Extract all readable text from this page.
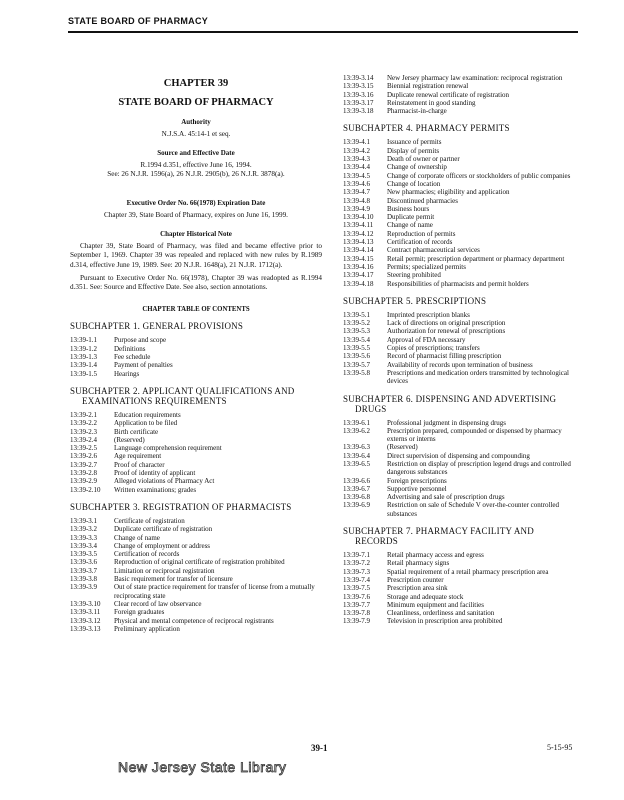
STATE BOARD OF PHARMACY
CHAPTER 39
STATE BOARD OF PHARMACY
Authority
N.J.S.A. 45:14-1 et seq.
Source and Effective Date
R.1994 d.351, effective June 16, 1994.
See: 26 N.J.R. 1596(a), 26 N.J.R. 2905(b), 26 N.J.R. 3878(a).
Executive Order No. 66(1978) Expiration Date
Chapter 39, State Board of Pharmacy, expires on June 16, 1999.
Chapter Historical Note

Chapter 39, State Board of Pharmacy, was filed and became effective prior to September 1, 1969. Chapter 39 was repealed and replaced with new rules by R.1989 d.314, effective June 19, 1989. See: 20 N.J.R. 1648(a), 21 N.J.R. 1712(a).

Pursuant to Executive Order No. 66(1978), Chapter 39 was readopted as R.1994 d.351. See: Source and Effective Date. See also, section annotations.

CHAPTER TABLE OF CONTENTS
SUBCHAPTER 1. GENERAL PROVISIONS
13:39-1.1	Purpose and scope
13:39-1.2	Definitions
13:39-1.3	Fee schedule
13:39-1.4	Payment of penalties
13:39-1.5	Hearings
SUBCHAPTER 2. APPLICANT QUALIFICATIONS AND
EXAMINATIONS REQUIREMENTS
13:39-2.1	Education requirements
13:39-2.2	Application to be filed
13:39-2.3	Birth certificate
13:39-2.4	(Reserved)
13:39-2.5	Language comprehension requirement
13:39-2.6	Age requirement
13:39-2.7	Proof of character
13:39-2.8	Proof of identity of applicant
13:39-2.9	Alleged violations of Pharmacy Act
13:39-2.10	Written examinations; grades
SUBCHAPTER 3. REGISTRATION OF PHARMACISTS
13:39-3.1	Certificate of registration
13:39-3.2	Duplicate certificate of registration
13:39-3.3	Change of name
13:39-3.4	Change of employment or address
13:39-3.5	Certification of records
13:39-3.6	Reproduction of original certificate of registration prohibited
13:39-3.7	Limitation or reciprocal registration
13:39-3.8	Basic requirement for transfer of licensure
13:39-3.9	Out of state practice requirement for transfer of license from a mutually reciprocating state
13:39-3.10	Clear record of law observance
13:39-3.11	Foreign graduates
13:39-3.12	Physical and mental competence of reciprocal registrants
13:39-3.13	Preliminary application
13:39-3.14	New Jersey pharmacy law examination: reciprocal registration
13:39-3.15	Biennial registration renewal
13:39-3.16	Duplicate renewal certificate of registration
13:39-3.17	Reinstatement in good standing
13:39-3.18	Pharmacist-in-charge
SUBCHAPTER 4. PHARMACY PERMITS
13:39-4.1	Issuance of permits
13:39-4.2	Display of permits
13:39-4.3	Death of owner or partner
13:39-4.4	Change of ownership
13:39-4.5	Change of corporate officers or stockholders of public companies
13:39-4.6	Change of location
13:39-4.7	New pharmacies; eligibility and application
13:39-4.8	Discontinued pharmacies
13:39-4.9	Business hours
13:39-4.10	Duplicate permit
13:39-4.11	Change of name
13:39-4.12	Reproduction of permits
13:39-4.13	Certification of records
13:39-4.14	Contract pharmaceutical services
13:39-4.15	Retail permit; prescription department or pharmacy department
13:39-4.16	Permits; specialized permits
13:39-4.17	Steering prohibited
13:39-4.18	Responsibilities of pharmacists and permit holders
SUBCHAPTER 5. PRESCRIPTIONS
13:39-5.1	Imprinted prescription blanks
13:39-5.2	Lack of directions on original prescription
13:39-5.3	Authorization for renewal of prescriptions
13:39-5.4	Approval of FDA necessary
13:39-5.5	Copies of prescriptions; transfers
13:39-5.6	Record of pharmacist filling prescription
13:39-5.7	Availability of records upon termination of business
13:39-5.8	Prescriptions and medication orders transmitted by technological devices
SUBCHAPTER 6. DISPENSING AND ADVERTISING
DRUGS
13:39-6.1	Professional judgment in dispensing drugs
13:39-6.2	Prescription prepared, compounded or dispensed by pharmacy externs or interns
13:39-6.3	(Reserved)
13:39-6.4	Direct supervision of dispensing and compounding
13:39-6.5	Restriction on display of prescription legend drugs and controlled dangerous substances
13:39-6.6	Foreign prescriptions
13:39-6.7	Supportive personnel
13:39-6.8	Advertising and sale of prescription drugs
13:39-6.9	Restriction on sale of Schedule V over-the-counter controlled substances
SUBCHAPTER 7. PHARMACY FACILITY AND
RECORDS
13:39-7.1	Retail pharmacy access and egress
13:39-7.2	Retail pharmacy signs
13:39-7.3	Spatial requirement of a retail pharmacy prescription area
13:39-7.4	Prescription counter
13:39-7.5	Prescription area sink
13:39-7.6	Storage and adequate stock
13:39-7.7	Minimum equipment and facilities
13:39-7.8	Cleanliness, orderliness and sanitation
13:39-7.9	Television in prescription area prohibited
39-1	5-15-95
New Jersey State Library
